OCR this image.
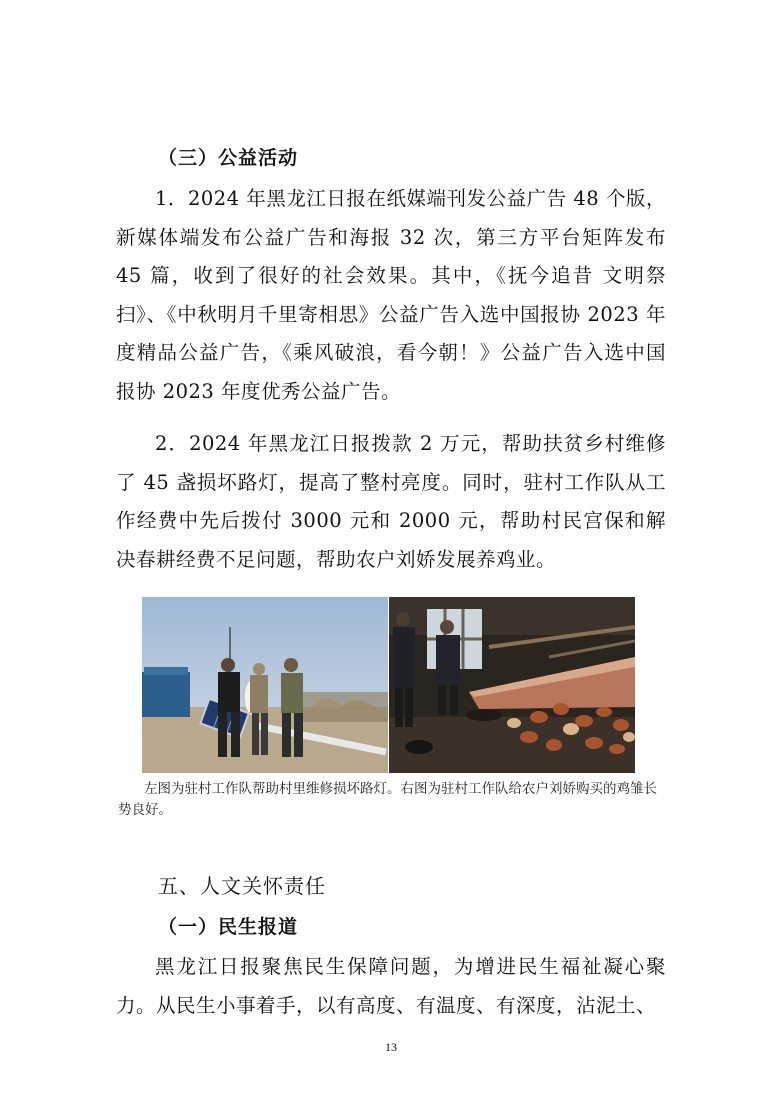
（三）公益活动
1．2024 年黑龙江日报在纸媒端刊发公益广告 48 个版，新媒体端发布公益广告和海报 32 次，第三方平台矩阵发布 45 篇，收到了很好的社会效果。其中，《抚今追昔 文明祭扫》、《中秋明月千里寄相思》公益广告入选中国报协 2023 年度精品公益广告，《乘风破浪，看今朝！》公益广告入选中国报协 2023 年度优秀公益广告。
2．2024 年黑龙江日报拨款 2 万元，帮助扶贫乡村维修了 45 盏损坏路灯，提高了整村亮度。同时，驻村工作队从工作经费中先后拨付 3000 元和 2000 元，帮助村民宫保和解决春耕经费不足问题，帮助农户刘娇发展养鸡业。
左图为驻村工作队帮助村里维修损坏路灯。右图为驻村工作队给农户刘娇购买的鸡雏长势良好。
五、人文关怀责任
（一）民生报道
黑龙江日报聚焦民生保障问题，为增进民生福祉凝心聚力。从民生小事着手，以有高度、有温度、有深度，沾泥土、
13
